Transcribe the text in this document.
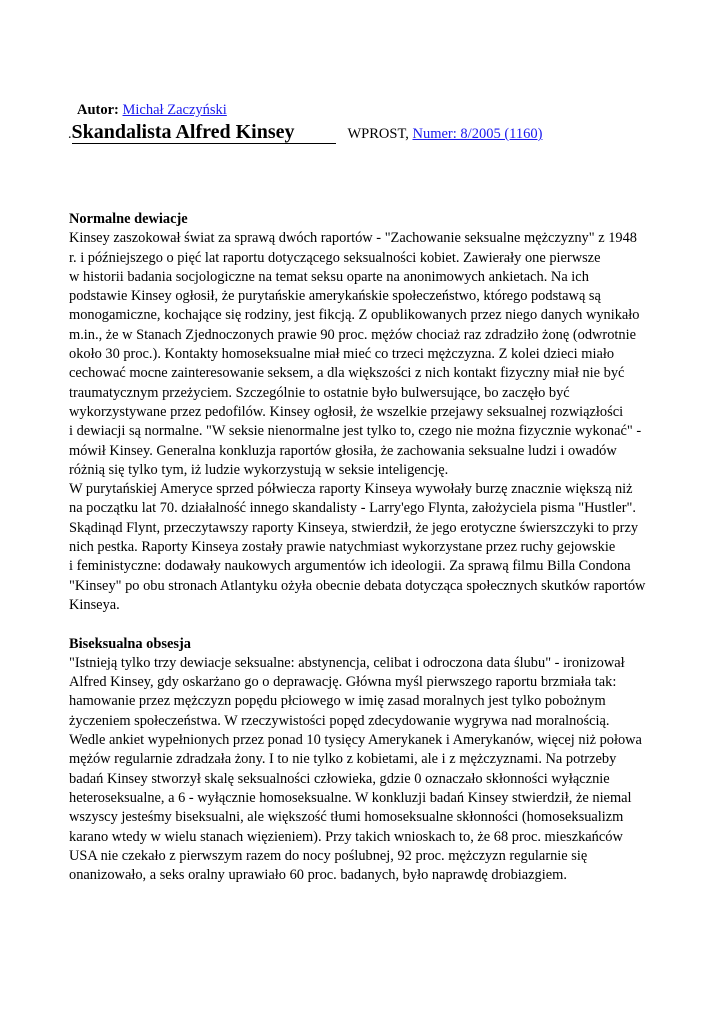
Autor: Michał Zaczyński
.Skandalista Alfred Kinsey	WPROST, Numer: 8/2005 (1160)
Normalne dewiacje
Kinsey zaszokował świat za sprawą dwóch raportów - "Zachowanie seksualne mężczyzny" z 1948
r. i późniejszego o pięć lat raportu dotyczącego seksualności kobiet. Zawierały one pierwsze
w historii badania socjologiczne na temat seksu oparte na anonimowych ankietach. Na ich
podstawie Kinsey ogłosił, że purytańskie amerykańskie społeczeństwo, którego podstawą są
monogamiczne, kochające się rodziny, jest fikcją. Z opublikowanych przez niego danych wynikało
m.in., że w Stanach Zjednoczonych prawie 90 proc. mężów chociaż raz zdradziło żonę (odwrotnie
około 30 proc.). Kontakty homoseksualne miał mieć co trzeci mężczyzna. Z kolei dzieci miało
cechować mocne zainteresowanie seksem, a dla większości z nich kontakt fizyczny miał nie być
traumatycznym przeżyciem. Szczególnie to ostatnie było bulwersujące, bo zaczęło być
wykorzystywane przez pedofilów. Kinsey ogłosił, że wszelkie przejawy seksualnej rozwiązłości
i dewiacji są normalne. "W seksie nienormalne jest tylko to, czego nie można fizycznie wykonać" -
mówił Kinsey. Generalna konkluzja raportów głosiła, że zachowania seksualne ludzi i owadów
różnią się tylko tym, iż ludzie wykorzystują w seksie inteligencję.
W purytańskiej Ameryce sprzed półwiecza raporty Kinseya wywołały burzę znacznie większą niż
na początku lat 70. działalność innego skandalisty - Larry'ego Flynta, założyciela pisma "Hustler".
Skądinąd Flynt, przeczytawszy raporty Kinseya, stwierdził, że jego erotyczne świerszczyki to przy
nich pestka. Raporty Kinseya zostały prawie natychmiast wykorzystane przez ruchy gejowskie
i feministyczne: dodawały naukowych argumentów ich ideologii. Za sprawą filmu Billa Condona
"Kinsey" po obu stronach Atlantyku ożyła obecnie debata dotycząca społecznych skutków raportów
Kinseya.
Biseksualna obsesja
"Istnieją tylko trzy dewiacje seksualne: abstynencja, celibat i odroczona data ślubu" - ironizował
Alfred Kinsey, gdy oskarżano go o deprawację. Główna myśl pierwszego raportu brzmiała tak:
hamowanie przez mężczyzn popędu płciowego w imię zasad moralnych jest tylko pobożnym
życzeniem społeczeństwa. W rzeczywistości popęd zdecydowanie wygrywa nad moralnością.
Wedle ankiet wypełnionych przez ponad 10 tysięcy Amerykanek i Amerykanów, więcej niż połowa
mężów regularnie zdradzała żony. I to nie tylko z kobietami, ale i z mężczyznami. Na potrzeby
badań Kinsey stworzył skalę seksualności człowieka, gdzie 0 oznaczało skłonności wyłącznie
heteroseksualne, a 6 - wyłącznie homoseksualne. W konkluzji badań Kinsey stwierdził, że niemal
wszyscy jesteśmy biseksualni, ale większość tłumi homoseksualne skłonności (homoseksualizm
karano wtedy w wielu stanach więzieniem). Przy takich wnioskach to, że 68 proc. mieszkańców
USA nie czekało z pierwszym razem do nocy poślubnej, 92 proc. mężczyzn regularnie się
onanizowało, a seks oralny uprawiało 60 proc. badanych, było naprawdę drobiazgiem.
